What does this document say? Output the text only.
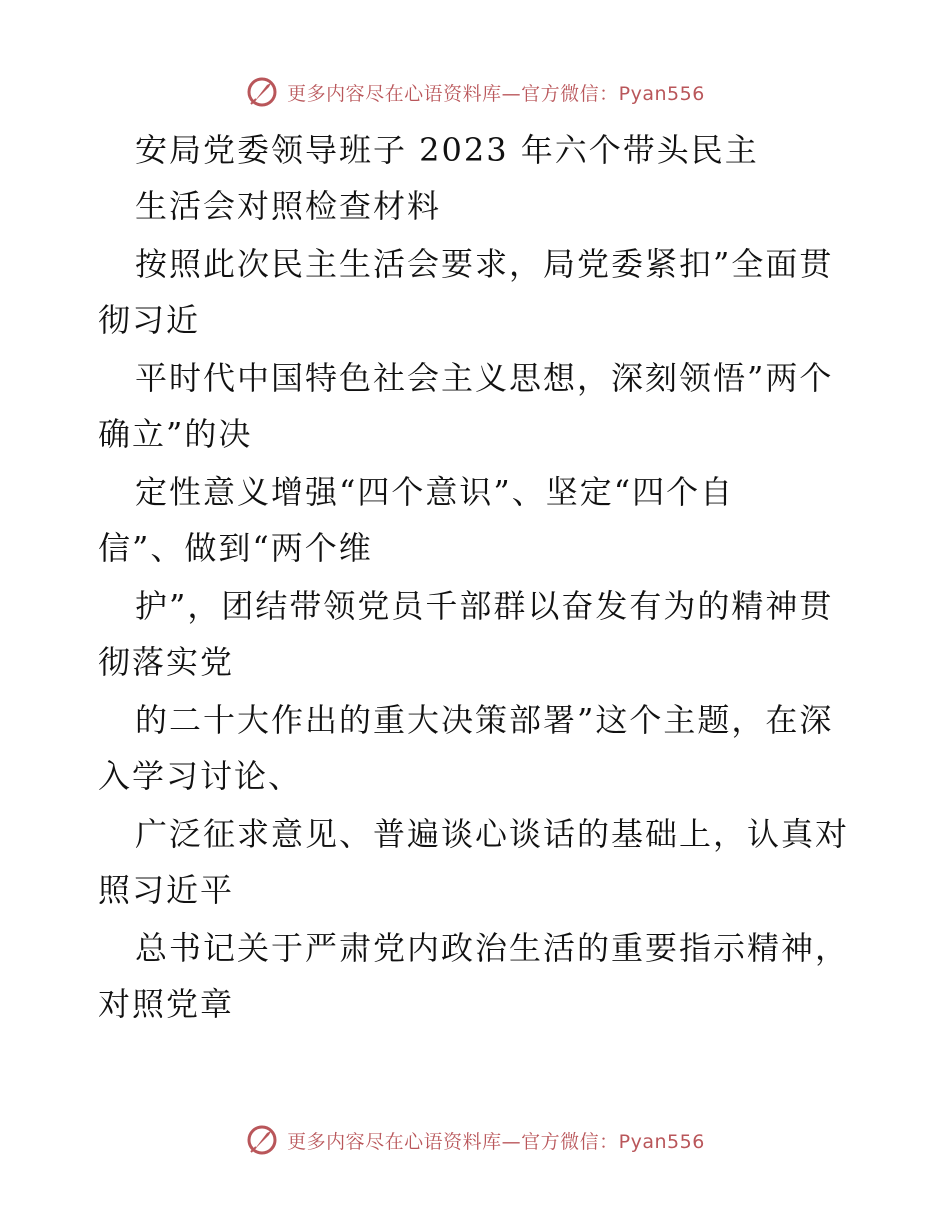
更多内容尽在心语资料库—官方微信：Pyan556
安局党委领导班子 2023 年六个带头民主
生活会对照检查材料
按照此次民主生活会要求，局党委紧扣”全面贯
彻习近
平时代中国特色社会主义思想，深刻领悟”两个
确立”的决
定性意义增强“四个意识”、坚定“四个自
信”、做到“两个维
护”，团结带领党员千部群以奋发有为的精神贯
彻落实党
的二十大作出的重大决策部署”这个主题，在深
入学习讨论、
广泛征求意见、普遍谈心谈话的基础上，认真对
照习近平
总书记关于严肃党内政治生活的重要指示精神，
对照党章
更多内容尽在心语资料库—官方微信：Pyan556
